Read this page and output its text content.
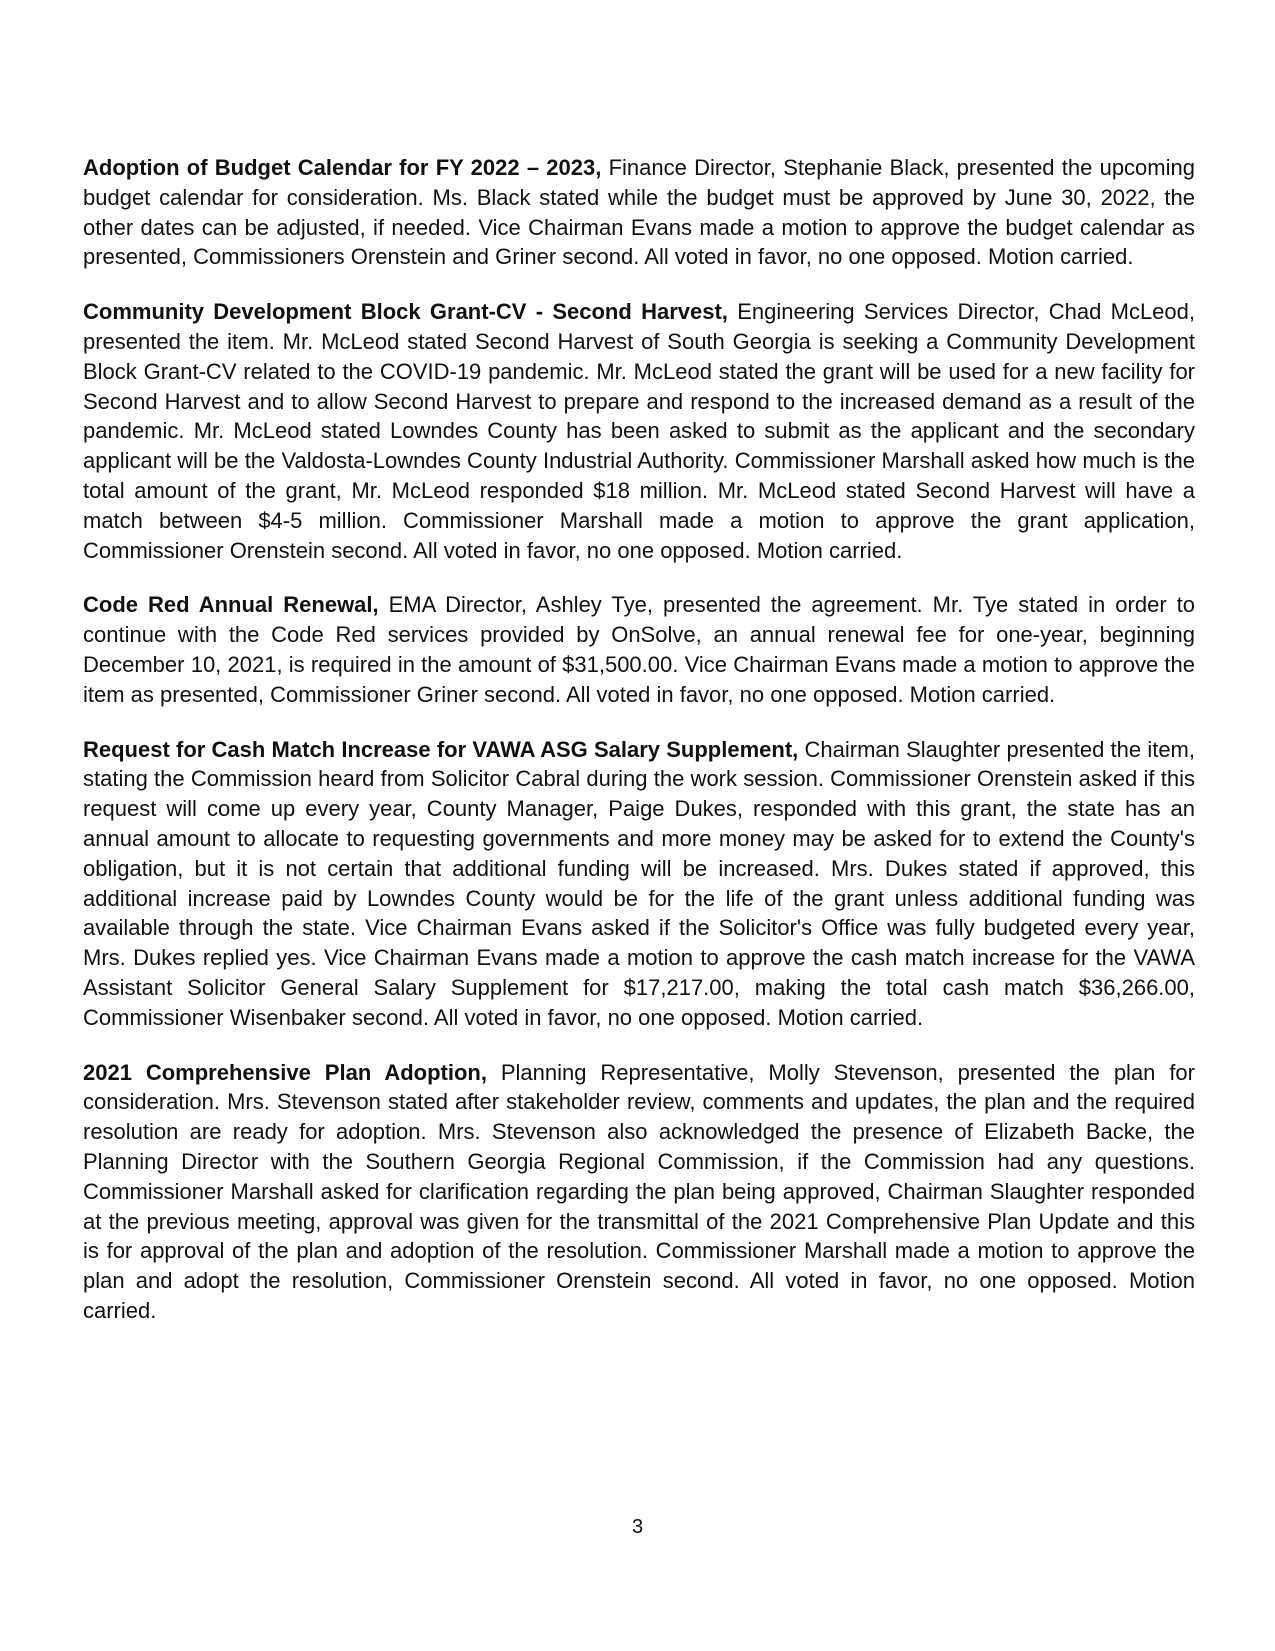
Adoption of Budget Calendar for FY 2022 – 2023, Finance Director, Stephanie Black, presented the upcoming budget calendar for consideration. Ms. Black stated while the budget must be approved by June 30, 2022, the other dates can be adjusted, if needed. Vice Chairman Evans made a motion to approve the budget calendar as presented, Commissioners Orenstein and Griner second. All voted in favor, no one opposed. Motion carried.

Community Development Block Grant-CV - Second Harvest, Engineering Services Director, Chad McLeod, presented the item. Mr. McLeod stated Second Harvest of South Georgia is seeking a Community Development Block Grant-CV related to the COVID-19 pandemic. Mr. McLeod stated the grant will be used for a new facility for Second Harvest and to allow Second Harvest to prepare and respond to the increased demand as a result of the pandemic. Mr. McLeod stated Lowndes County has been asked to submit as the applicant and the secondary applicant will be the Valdosta-Lowndes County Industrial Authority. Commissioner Marshall asked how much is the total amount of the grant, Mr. McLeod responded $18 million. Mr. McLeod stated Second Harvest will have a match between $4-5 million. Commissioner Marshall made a motion to approve the grant application, Commissioner Orenstein second. All voted in favor, no one opposed. Motion carried.

Code Red Annual Renewal, EMA Director, Ashley Tye, presented the agreement. Mr. Tye stated in order to continue with the Code Red services provided by OnSolve, an annual renewal fee for one-year, beginning December 10, 2021, is required in the amount of $31,500.00. Vice Chairman Evans made a motion to approve the item as presented, Commissioner Griner second. All voted in favor, no one opposed. Motion carried.

Request for Cash Match Increase for VAWA ASG Salary Supplement, Chairman Slaughter presented the item, stating the Commission heard from Solicitor Cabral during the work session. Commissioner Orenstein asked if this request will come up every year, County Manager, Paige Dukes, responded with this grant, the state has an annual amount to allocate to requesting governments and more money may be asked for to extend the County's obligation, but it is not certain that additional funding will be increased. Mrs. Dukes stated if approved, this additional increase paid by Lowndes County would be for the life of the grant unless additional funding was available through the state. Vice Chairman Evans asked if the Solicitor's Office was fully budgeted every year, Mrs. Dukes replied yes. Vice Chairman Evans made a motion to approve the cash match increase for the VAWA Assistant Solicitor General Salary Supplement for $17,217.00, making the total cash match $36,266.00, Commissioner Wisenbaker second. All voted in favor, no one opposed. Motion carried.

2021 Comprehensive Plan Adoption, Planning Representative, Molly Stevenson, presented the plan for consideration. Mrs. Stevenson stated after stakeholder review, comments and updates, the plan and the required resolution are ready for adoption. Mrs. Stevenson also acknowledged the presence of Elizabeth Backe, the Planning Director with the Southern Georgia Regional Commission, if the Commission had any questions. Commissioner Marshall asked for clarification regarding the plan being approved, Chairman Slaughter responded at the previous meeting, approval was given for the transmittal of the 2021 Comprehensive Plan Update and this is for approval of the plan and adoption of the resolution. Commissioner Marshall made a motion to approve the plan and adopt the resolution, Commissioner Orenstein second. All voted in favor, no one opposed. Motion carried.

3
